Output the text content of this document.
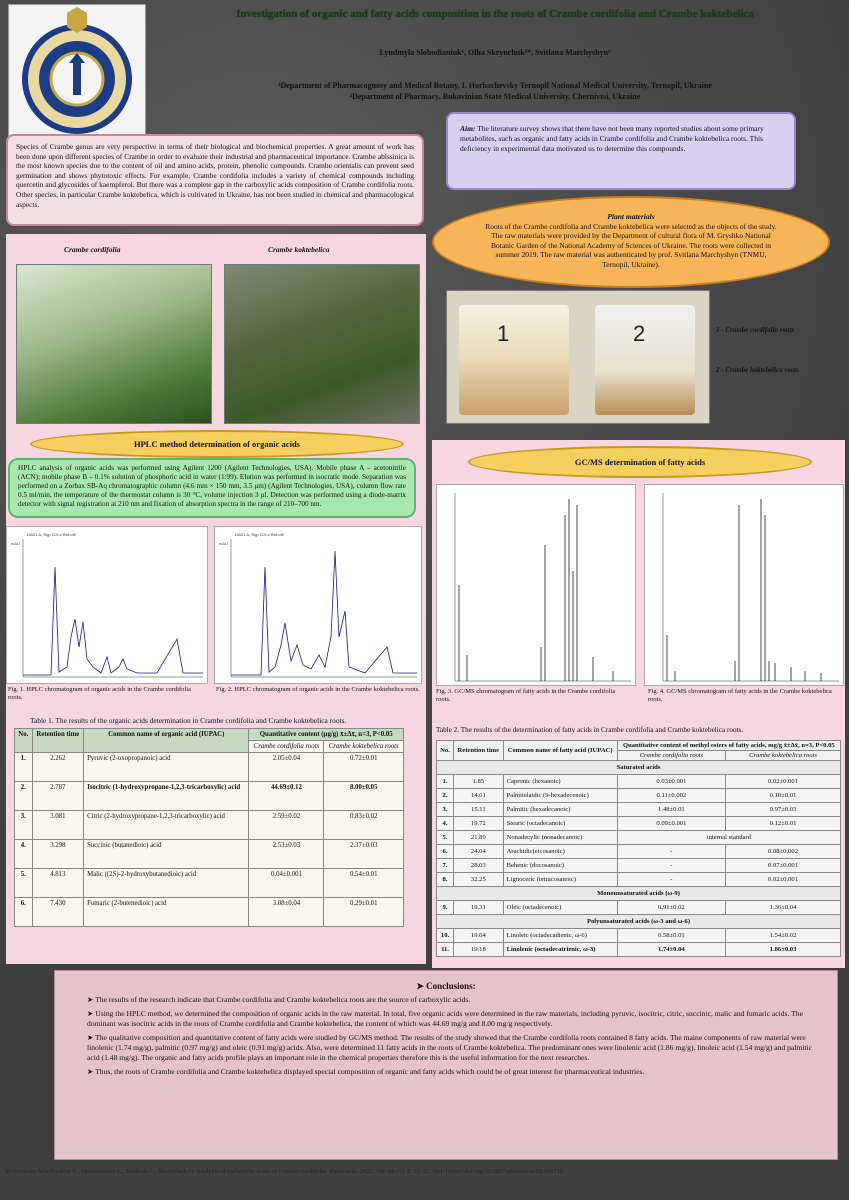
Investigation of organic and fatty acids composition in the roots of Crambe cordifolia and Crambe koktebelica
Lyudmyla Slobodianiuk¹, Olha Skrynchuk²*, Svitlana Marchyshyn¹
¹Department of Pharmacognosy and Medical Botany, I. Horbachevsky Ternopil National Medical University, Ternopil, Ukraine
²Department of Pharmacy, Bukovinian State Medical University, Chernivtsi, Ukraine
Species of Crambe genus are very perspective in terms of their biological and biochemical properties. A great amount of work has been done upon different species of Crambe in order to evaluate their industrial and pharmaceutical importance. Crambe abissinica is the most known species due to the content of oil and amino acids, protein, phenolic compounds. Crambe orientalis can prevent seed germination and shows phytotoxic effects. For example, Crambe cordifolia includes a variety of chemical compounds including quercetin and glycosides of kaempferol. But there was a complete gap in the carboxylic acids composition of Crambe cordifolia roots. Other species, in particular Crambe koktebelica, which is cultivated in Ukraine, has not been studied in chemical and pharmacological aspects.
Aim: The literature survey shows that there have not been many reported studies about some primary metabolites, such as organic and fatty acids in Crambe cordifolia and Crambe koktebelica roots. This deficiency in experimental data motivated us to determine this compounds.
Plant materials
Roots of the Crambe cordifolia and Crambe koktebelica were selected as the objects of the study. The raw materials were provided by the Department of cultural flora of M. Gryshko National Botanic Garden of the National Academy of Sciences of Ukraine. The roots were collected in summer 2019. The raw material was authenticated by prof. Svitlana Marchyshyn (TNMU, Ternopil, Ukraine).
1	2	1 - Crambe cordifolia roots
2 - Crambe koktebelica roots
Crambe cordifolia	Crambe koktebelica
HPLC method determination of organic acids
HPLC analysis of organic acids was performed using Agilent 1200 (Agilent Technologies, USA). Mobile phase A – acetonitrile (ACN); mobile phase B – 0.1% solution of phosphoric acid in water (1:99). Elution was performed in isocratic mode. Separation was performed on a Zorbax SB-Aq chromatographic column (4.6 mm × 150 mm, 3.5 μm) (Agilent Technologies, USA), column flow rate 0.5 ml/min, the temperature of the thermostat column is 30 °C, volume injection 3 μl. Detection was performed using a diode-matrix detector with signal registration at 210 nm and fixation of absorption spectra in the range of 210–700 nm.
DAD1 A, Sig=210,4 Ref=off
mAU
DAD1 A, Sig=210,4 Ref=off
mAU
Fig. 1. HPLC chromatogram of organic acids in the Crambe cordifolia roots.
Fig. 2. HPLC chromatogram of organic acids in the Crambe koktebelica roots.
Table 1. The results of the organic acids determination in Crambe cordifolia and Crambe koktebelica roots.
No.	Retention time	Common name of organic acid (IUPAC)	Quantitative content (µg/g) x̄±Δx̄, n=3, P<0.05	
			Crambe cordifolia roots	Crambe koktebelica roots
1.	2.262	Pyruvic (2-oxopropanoic) acid	2.05±0.04	0.72±0.01
2.	2.787	Isocitric (1-hydroxypropane-1,2,3-tricarboxylic) acid	44.69±0.12	8.00±0.05
3.	3.081	Citric (2-hydroxypropane-1,2,3-tricarboxylic) acid	2.59±0.02	0.83±0.02
4.	3.298	Succinic (butanedioic) acid	2.53±0.03	2.37±0.03
5.	4.813	Malic ((2S)-2-hydroxybutanedioic) acid	0.04±0.001	0.54±0.01
6.	7.430	Fumaric (2-butenedioic) acid	3.08±0.04	0.29±0.01
GC/MS determination of fatty acids
Fig. 3. GC/MS chromatogram of fatty acids in the Crambe cordifolia roots.
Fig. 4. GC/MS chromatogram of fatty acids in the Crambe koktebelica roots.
Table 2. The results of the determination of fatty acids in Crambe cordifolia and Crambe koktebelica roots.
No.	Retention time	Common name of fatty acid (IUPAC)	Quantitative content of methyl esters of fatty acids, mg/g x̄±Δx̄, n=3, P<0.05	
			Crambe cordifolia roots	Crambe koktebelica roots
Saturated acids				
1.	1.85	Capronic (hexanoic)	0.03±0.001	0.02±0.001
2.	14.61	Palmitelaidic (9-hexadecenoic)	0.11±0.002	0.10±0.01
3.	15.11	Palmitic (hexadecanoic)	1.48±0.01	0.97±0.03
4.	19.72	Stearic (octadecanoic)	0.09±0.001	0.12±0.01
5.	21.89	Nonadecylic (nonadecanoic)	internal standard	
6.	24.04	Arachidic(eicosanoic)	-	0.08±0.002
7.	28.03	Behenic (docosanoic)	-	0.07±0.001
8.	32.25	Lignoceric (tetracosanoic)	-	0.02±0.001
Monounsaturated acids (ω-9)				
9.	19.31	Oleic (octadecenoic)	0.91±0.02	1.36±0.04
Polyunsaturated acids (ω-3 and ω-6)				
10.	19.04	Linoleic (octadecadienic, ω-6)	0.58±0.01	1.54±0.02
11.	19.18	Linolenic (octadecatrienic, ω-3)	1.74±0.04	1.86±0.03
➤ Conclusions:
➤ The results of the research indicate that Crambe cordifolia and Crambe koktebelica roots are the source of carboxylic acids.
➤ Using the HPLC method, we determined the composition of organic acids in the raw material. In total, five organic acids were determined in the raw materials, including pyruvic, isocitric, citric, succinic, malic and fumaric acids. The dominant was isocitric acids in the roots of Crambe cordifolia and Crambe koktebelica, the content of which was 44.69 mg/g and 8.00 mg/g respectively.
➤ The qualitative composition and quantitative content of fatty acids were studied by GC/MS method. The results of the study showed that the Crambe cordifolia roots contained 8 fatty acids. The maine components of raw material were linolenic (1.74 mg/g), palmitic (0.97 mg/g) and oleic (0.91 mg/g) acids. Also, were determined 11 fatty acids in the roots of Crambe koktebelica. The predominant ones were linolenic acid (1.86 mg/g), linoleic acid (1.54 mg/g) and palmitic acid (1.48 mg/g). The organic and fatty acids profile plays an important role in the chemical properties therefore this is the useful information for the next researches.
➤ Thus, the roots of Crambe cordifolia and Crambe koktebelica displayed special composition of organic and fatty acids which could be of great interest for pharmaceutical industries.
References: Marchyshyn S., Slobodianiuk L., Budniak L., Skrynchuk O. Analysis of carboxylic acids of Crambe cordifolia. Pharmacia. 2021. Vol. 68 (1). P. 15–21. Doi: https://doi.org/10.3897/pharmacia.68.e56715
